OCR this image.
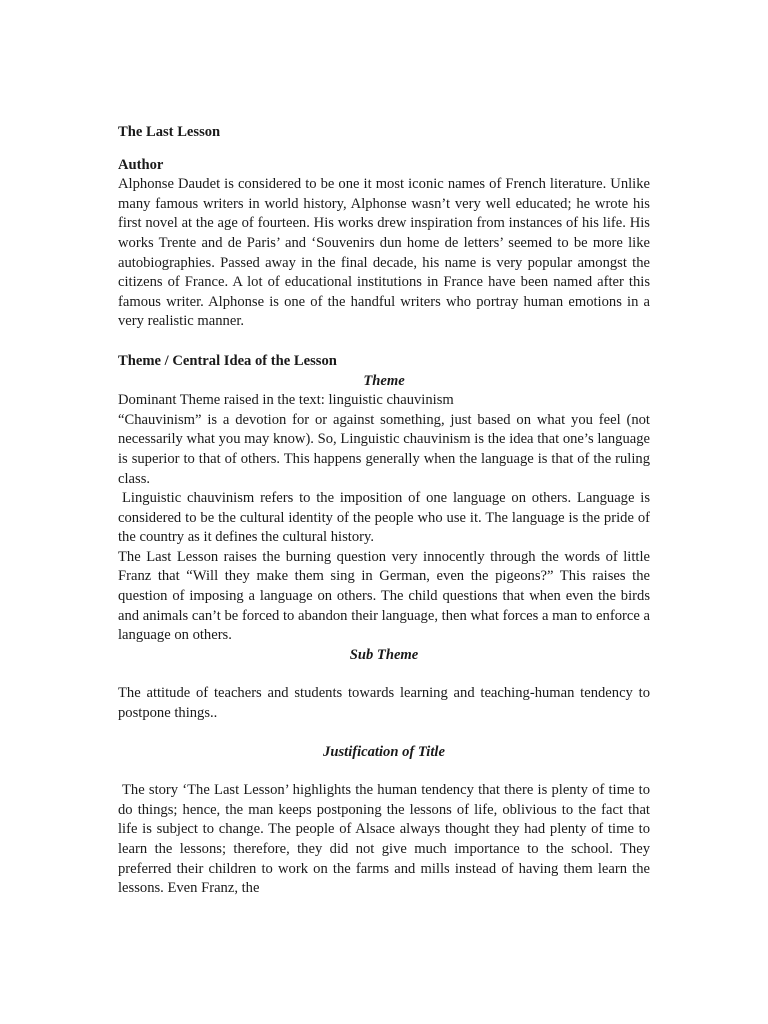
The Last Lesson

Author

Alphonse Daudet is considered to be one it most iconic names of French literature. Unlike many famous writers in world history, Alphonse wasn’t very well educated; he wrote his first novel at the age of fourteen. His works drew inspiration from instances of his life. His works Trente and de Paris’ and ‘Souvenirs dun home de letters’ seemed to be more like autobiographies. Passed away in the final decade, his name is very popular amongst the citizens of France. A lot of educational institutions in France have been named after this famous writer. Alphonse is one of the handful writers who portray human emotions in a very realistic manner.

Theme / Central Idea of the Lesson

Theme

Dominant Theme raised in the text: linguistic chauvinism

“Chauvinism” is a devotion for or against something, just based on what you feel (not necessarily what you may know). So, Linguistic chauvinism is the idea that one’s language is superior to that of others. This happens generally when the language is that of the ruling class.

Linguistic chauvinism refers to the imposition of one language on others. Language is considered to be the cultural identity of the people who use it. The language is the pride of the country as it defines the cultural history.

The Last Lesson raises the burning question very innocently through the words of little Franz that “Will they make them sing in German, even the pigeons?” This raises the question of imposing a language on others. The child questions that when even the birds and animals can’t be forced to abandon their language, then what forces a man to enforce a language on others.

Sub Theme

The attitude of teachers and students towards learning and teaching-human tendency to postpone things..

Justification of Title

The story ‘The Last Lesson’ highlights the human tendency that there is plenty of time to do things; hence, the man keeps postponing the lessons of life, oblivious to the fact that life is subject to change. The people of Alsace always thought they had plenty of time to learn the lessons; therefore, they did not give much importance to the school. They preferred their children to work on the farms and mills instead of having them learn the lessons. Even Franz, the
